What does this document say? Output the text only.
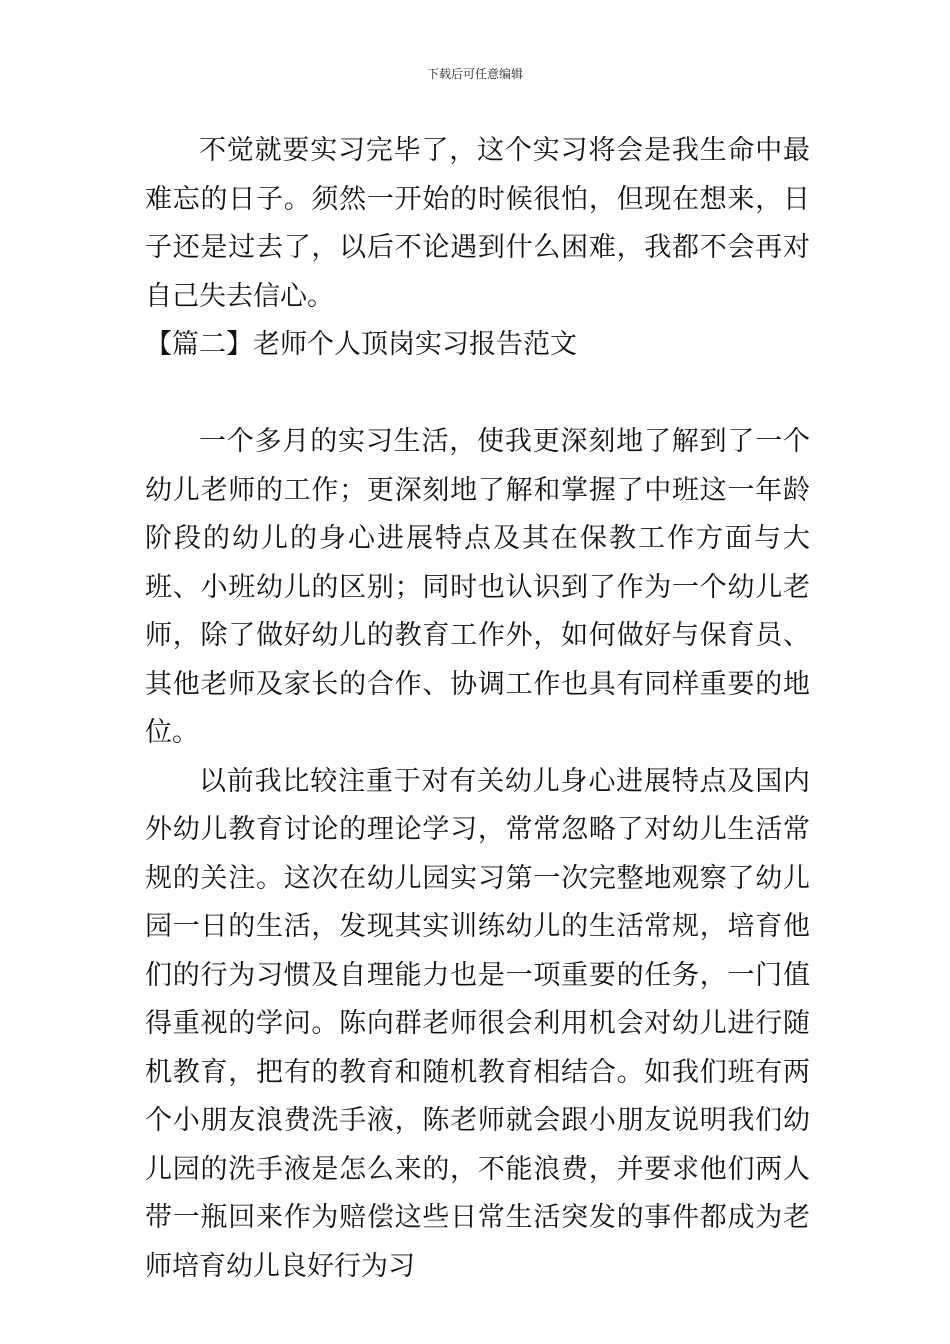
下载后可任意编辑

不觉就要实习完毕了，这个实习将会是我生命中最难忘的日子。须然一开始的时候很怕，但现在想来，日子还是过去了，以后不论遇到什么困难，我都不会再对自己失去信心。

【篇二】老师个人顶岗实习报告范文

一个多月的实习生活，使我更深刻地了解到了一个幼儿老师的工作；更深刻地了解和掌握了中班这一年龄阶段的幼儿的身心进展特点及其在保教工作方面与大班、小班幼儿的区别；同时也认识到了作为一个幼儿老师，除了做好幼儿的教育工作外，如何做好与保育员、其他老师及家长的合作、协调工作也具有同样重要的地位。

以前我比较注重于对有关幼儿身心进展特点及国内外幼儿教育讨论的理论学习，常常忽略了对幼儿生活常规的关注。这次在幼儿园实习第一次完整地观察了幼儿园一日的生活，发现其实训练幼儿的生活常规，培育他们的行为习惯及自理能力也是一项重要的任务，一门值得重视的学问。陈向群老师很会利用机会对幼儿进行随机教育，把有的教育和随机教育相结合。如我们班有两个小朋友浪费洗手液，陈老师就会跟小朋友说明我们幼儿园的洗手液是怎么来的，不能浪费，并要求他们两人带一瓶回来作为赔偿这些日常生活突发的事件都成为老师培育幼儿良好行为习
